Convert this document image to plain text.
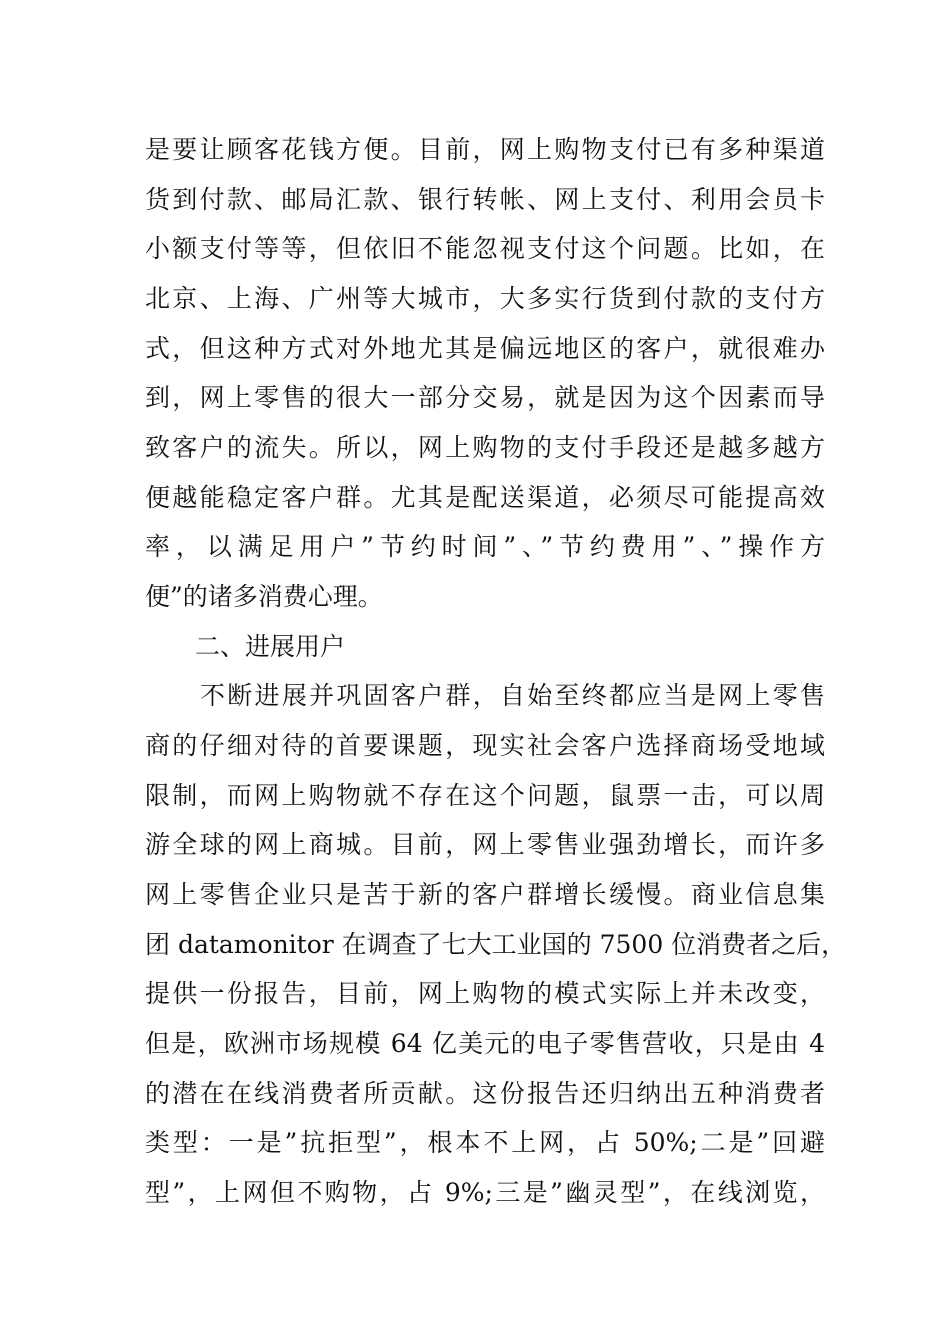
是要让顾客花钱方便。目前，网上购物支付已有多种渠道
货到付款、邮局汇款、银行转帐、网上支付、利用会员卡
小额支付等等，但依旧不能忽视支付这个问题。比如，在
北京、上海、广州等大城市，大多实行货到付款的支付方
式，但这种方式对外地尤其是偏远地区的客户，就很难办
到，网上零售的很大一部分交易，就是因为这个因素而导
致客户的流失。所以，网上购物的支付手段还是越多越方
便越能稳定客户群。尤其是配送渠道，必须尽可能提高效
率，以满足用户”节约时间”、”节约费用”、”操作方
便”的诸多消费心理。
二、进展用户
不断进展并巩固客户群，自始至终都应当是网上零售
商的仔细对待的首要课题，现实社会客户选择商场受地域
限制，而网上购物就不存在这个问题，鼠票一击，可以周
游全球的网上商城。目前，网上零售业强劲增长，而许多
网上零售企业只是苦于新的客户群增长缓慢。商业信息集
团 datamonitor 在调查了七大工业国的 7500 位消费者之后，
提供一份报告，目前，网上购物的模式实际上并未改变，
但是，欧洲市场规模 64 亿美元的电子零售营收，只是由 4
的潜在在线消费者所贡献。这份报告还归纳出五种消费者
类型：一是”抗拒型”，根本不上网，占 50%;二是”回避
型”，上网但不购物，占 9%;三是”幽灵型”，在线浏览，
